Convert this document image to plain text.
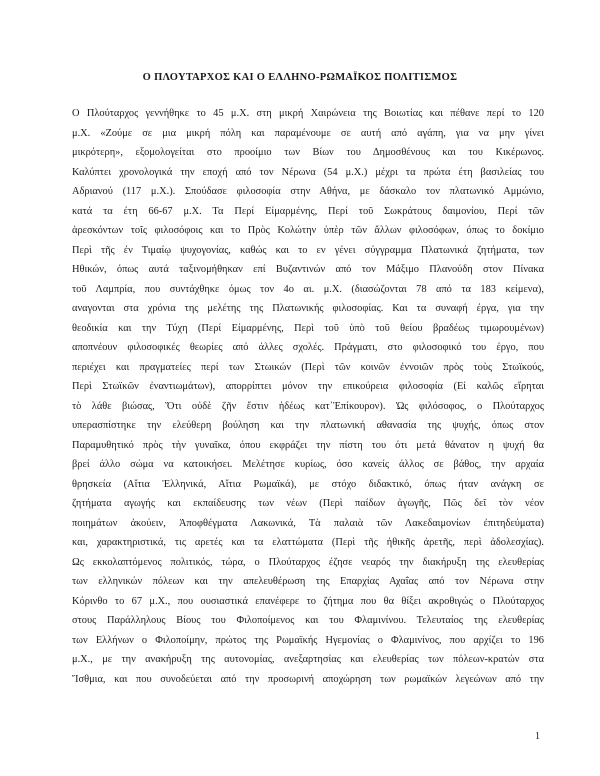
Ο ΠΛΟΥΤΑΡΧΟΣ ΚΑΙ Ο ΕΛΛΗΝΟ-ΡΩΜΑΪΚΟΣ ΠΟΛΙΤΙΣΜΟΣ
Ο Πλούταρχος γεννήθηκε το 45 μ.Χ. στη μικρή Χαιρώνεια της Βοιωτίας και πέθανε περί το 120
μ.Χ. «Ζούμε σε μια μικρή πόλη και παραμένουμε σε αυτή από αγάπη, για να μην γίνει
μικρότερη», εξομολογείται στο προοίμιο των Βίων του Δημοσθένους και του Κικέρωνος.
Καλύπτει χρονολογικά την εποχή από τον Νέρωνα (54 μ.Χ.) μέχρι τα πρώτα έτη βασιλείας του
Αδριανού (117 μ.Χ.). Σπούδασε φιλοσοφία στην Αθήνα, με δάσκαλο τον πλατωνικό Αμμώνιο,
κατά τα έτη 66-67 μ.Χ. Τα Περί Είμαρμένης, Περί τοῦ Σωκράτους δαιμονίου, Περί τῶν
ἀρεσκόντων τοῖς φιλοσόφοις και το Πρὸς Κολώτην ὑπὲρ τῶν ἄλλων φιλοσόφων, όπως το δοκίμιο
Περὶ τῆς ἐν Τιμαίῳ ψυχογονίας, καθώς και το εν γένει σύγγραμμα Πλατωνικά ζητήματα, των
Ηθικών, όπως αυτά ταξινομήθηκαν επί Βυζαντινών από τον Μάξιμο Πλανούδη στον Πίνακα
τοῦ Λαμπρία, που συντάχθηκε όμως τον 4ο αι. μ.Χ. (διασώζονται 78 από τα 183 κείμενα),
αναγονται στα χρόνια της μελέτης της Πλατωνικής φιλοσοφίας. Και τα συναφή έργα, για την
θεοδικία και την Τύχη (Περί Είμαρμένης, Περὶ τοῦ ὑπὸ τοῦ θείου βραδέως τιμωρουμένων)
αποπνέουν φιλοσοφικές θεωρίες από άλλες σχολές. Πράγματι, στο φιλοσοφικό του έργο, που
περιέχει και πραγματείες περί των Στωικών (Περὶ τῶν κοινῶν ἐννοιῶν πρὸς τοὺς Στωϊκούς,
Περὶ Στωϊκῶν ἐναντιωμάτων), απορρίπτει μόνον την επικούρεια φιλοσοφία (Εἰ καλῶς εἴρηται
τὸ λάθε βιώσας, Ὅτι οὐδὲ ζῆν ἔστιν ἡδέως κατ᾽Ἐπίκουρον). Ὡς φιλόσοφος, ο Πλούταρχος
υπερασπίστηκε την ελεύθερη βούληση και την πλατωνική αθανασία της ψυχής, όπως στον
Παραμυθητικό πρὸς τὴν γυναῖκα, όπου εκφράζει την πίστη του ότι μετά θάνατον η ψυχή θα
βρεί άλλο σώμα να κατοικήσει. Μελέτησε κυρίως, όσο κανείς άλλος σε βάθος, την αρχαία
θρησκεία (Αἴτια Ἑλληνικά, Αἴτια Ρωμαϊκά), με στόχο διδακτικό, όπως ήταν ανάγκη σε
ζητήματα αγωγής και εκπαίδευσης των νέων (Περὶ παίδων ἀγωγῆς, Πῶς δεῖ τὸν νέον
ποιημάτων ἀκούειν, Ἀποφθέγματα Λακωνικά, Τὰ παλαιὰ τῶν Λακεδαιμονίων ἐπιτηδεύματα)
και, χαρακτηριστικά, τις αρετές και τα ελαττώματα (Περὶ τῆς ἠθικῆς ἀρετῆς, περὶ ἀδολεσχίας).
Ως εκκολαπτόμενος πολιτικός, τώρα, ο Πλούταρχος έζησε νεαρός την διακήρυξη της ελευθερίας
των ελληνικών πόλεων και την απελευθέρωση της Επαρχίας Αχαΐας από τον Νέρωνα στην
Κόρινθο το 67 μ.Χ., που ουσιαστικά επανέφερε το ζήτημα που θα θίξει ακροθιγώς ο Πλούταρχος
στους Παράλληλους Βίους του Φιλοποίμενος και του Φλαμινίνου. Τελευταίος της ελευθερίας
των Ελλήνων ο Φιλοποίμην, πρώτος της Ρωμαϊκής Ηγεμονίας ο Φλαμινίνος, που αρχίζει το 196
μ.Χ., με την ανακήρυξη της αυτονομίας, ανεξαρτησίας και ελευθερίας των πόλεων-κρατών στα
Ἴσθμια, και που συνοδεύεται από την προσωρινή αποχώρηση των ρωμαϊκών λεγεώνων από την
1
